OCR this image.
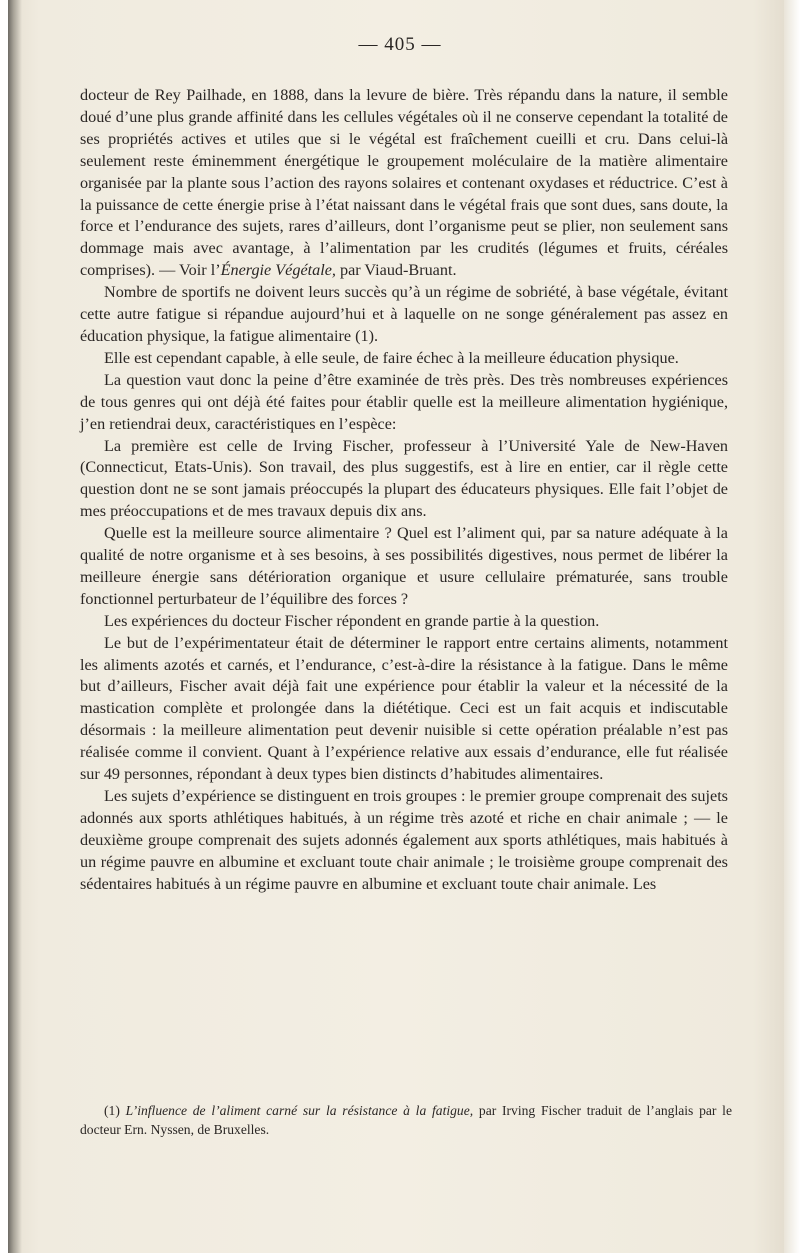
— 405 —

docteur de Rey Pailhade, en 1888, dans la levure de bière. Très répandu dans la nature, il semble doué d’une plus grande affinité dans les cellules végétales où il ne conserve cependant la totalité de ses propriétés actives et utiles que si le végétal est fraîchement cueilli et cru. Dans celui-là seulement reste éminemment énergétique le groupement moléculaire de la matière alimentaire organisée par la plante sous l’action des rayons solaires et contenant oxydases et réductrice. C’est à la puissance de cette énergie prise à l’état naissant dans le végétal frais que sont dues, sans doute, la force et l’endurance des sujets, rares d’ailleurs, dont l’organisme peut se plier, non seulement sans dommage mais avec avantage, à l’alimentation par les crudités (légumes et fruits, céréales comprises). — Voir l’Énergie Végétale, par Viaud-Bruant.

Nombre de sportifs ne doivent leurs succès qu’à un régime de sobriété, à base végétale, évitant cette autre fatigue si répandue aujourd’hui et à laquelle on ne songe généralement pas assez en éducation physique, la fatigue alimentaire (1).

Elle est cependant capable, à elle seule, de faire échec à la meilleure éducation physique.

La question vaut donc la peine d’être examinée de très près. Des très nombreuses expériences de tous genres qui ont déjà été faites pour établir quelle est la meilleure alimentation hygiénique, j’en retiendrai deux, caractéristiques en l’espèce:

La première est celle de Irving Fischer, professeur à l’Université Yale de New-Haven (Connecticut, Etats-Unis). Son travail, des plus suggestifs, est à lire en entier, car il règle cette question dont ne se sont jamais préoccupés la plupart des éducateurs physiques. Elle fait l’objet de mes préoccupations et de mes travaux depuis dix ans.

Quelle est la meilleure source alimentaire ? Quel est l’aliment qui, par sa nature adéquate à la qualité de notre organisme et à ses besoins, à ses possibilités digestives, nous permet de libérer la meilleure énergie sans détérioration organique et usure cellulaire prématurée, sans trouble fonctionnel perturbateur de l’équilibre des forces ?

Les expériences du docteur Fischer répondent en grande partie à la question.

Le but de l’expérimentateur était de déterminer le rapport entre certains aliments, notamment les aliments azotés et carnés, et l’endurance, c’est-à-dire la résistance à la fatigue. Dans le même but d’ailleurs, Fischer avait déjà fait une expérience pour établir la valeur et la nécessité de la mastication complète et prolongée dans la diététique. Ceci est un fait acquis et indiscutable désormais : la meilleure alimentation peut devenir nuisible si cette opération préalable n’est pas réalisée comme il convient. Quant à l’expérience relative aux essais d’endurance, elle fut réalisée sur 49 personnes, répondant à deux types bien distincts d’habitudes alimentaires.

Les sujets d’expérience se distinguent en trois groupes : le premier groupe comprenait des sujets adonnés aux sports athlétiques habitués, à un régime très azoté et riche en chair animale ; — le deuxième groupe comprenait des sujets adonnés également aux sports athlétiques, mais habitués à un régime pauvre en albumine et excluant toute chair animale ; le troisième groupe comprenait des sédentaires habitués à un régime pauvre en albumine et excluant toute chair animale. Les

(1) L’influence de l’aliment carné sur la résistance à la fatigue, par Irving Fischer traduit de l’anglais par le docteur Ern. Nyssen, de Bruxelles.
